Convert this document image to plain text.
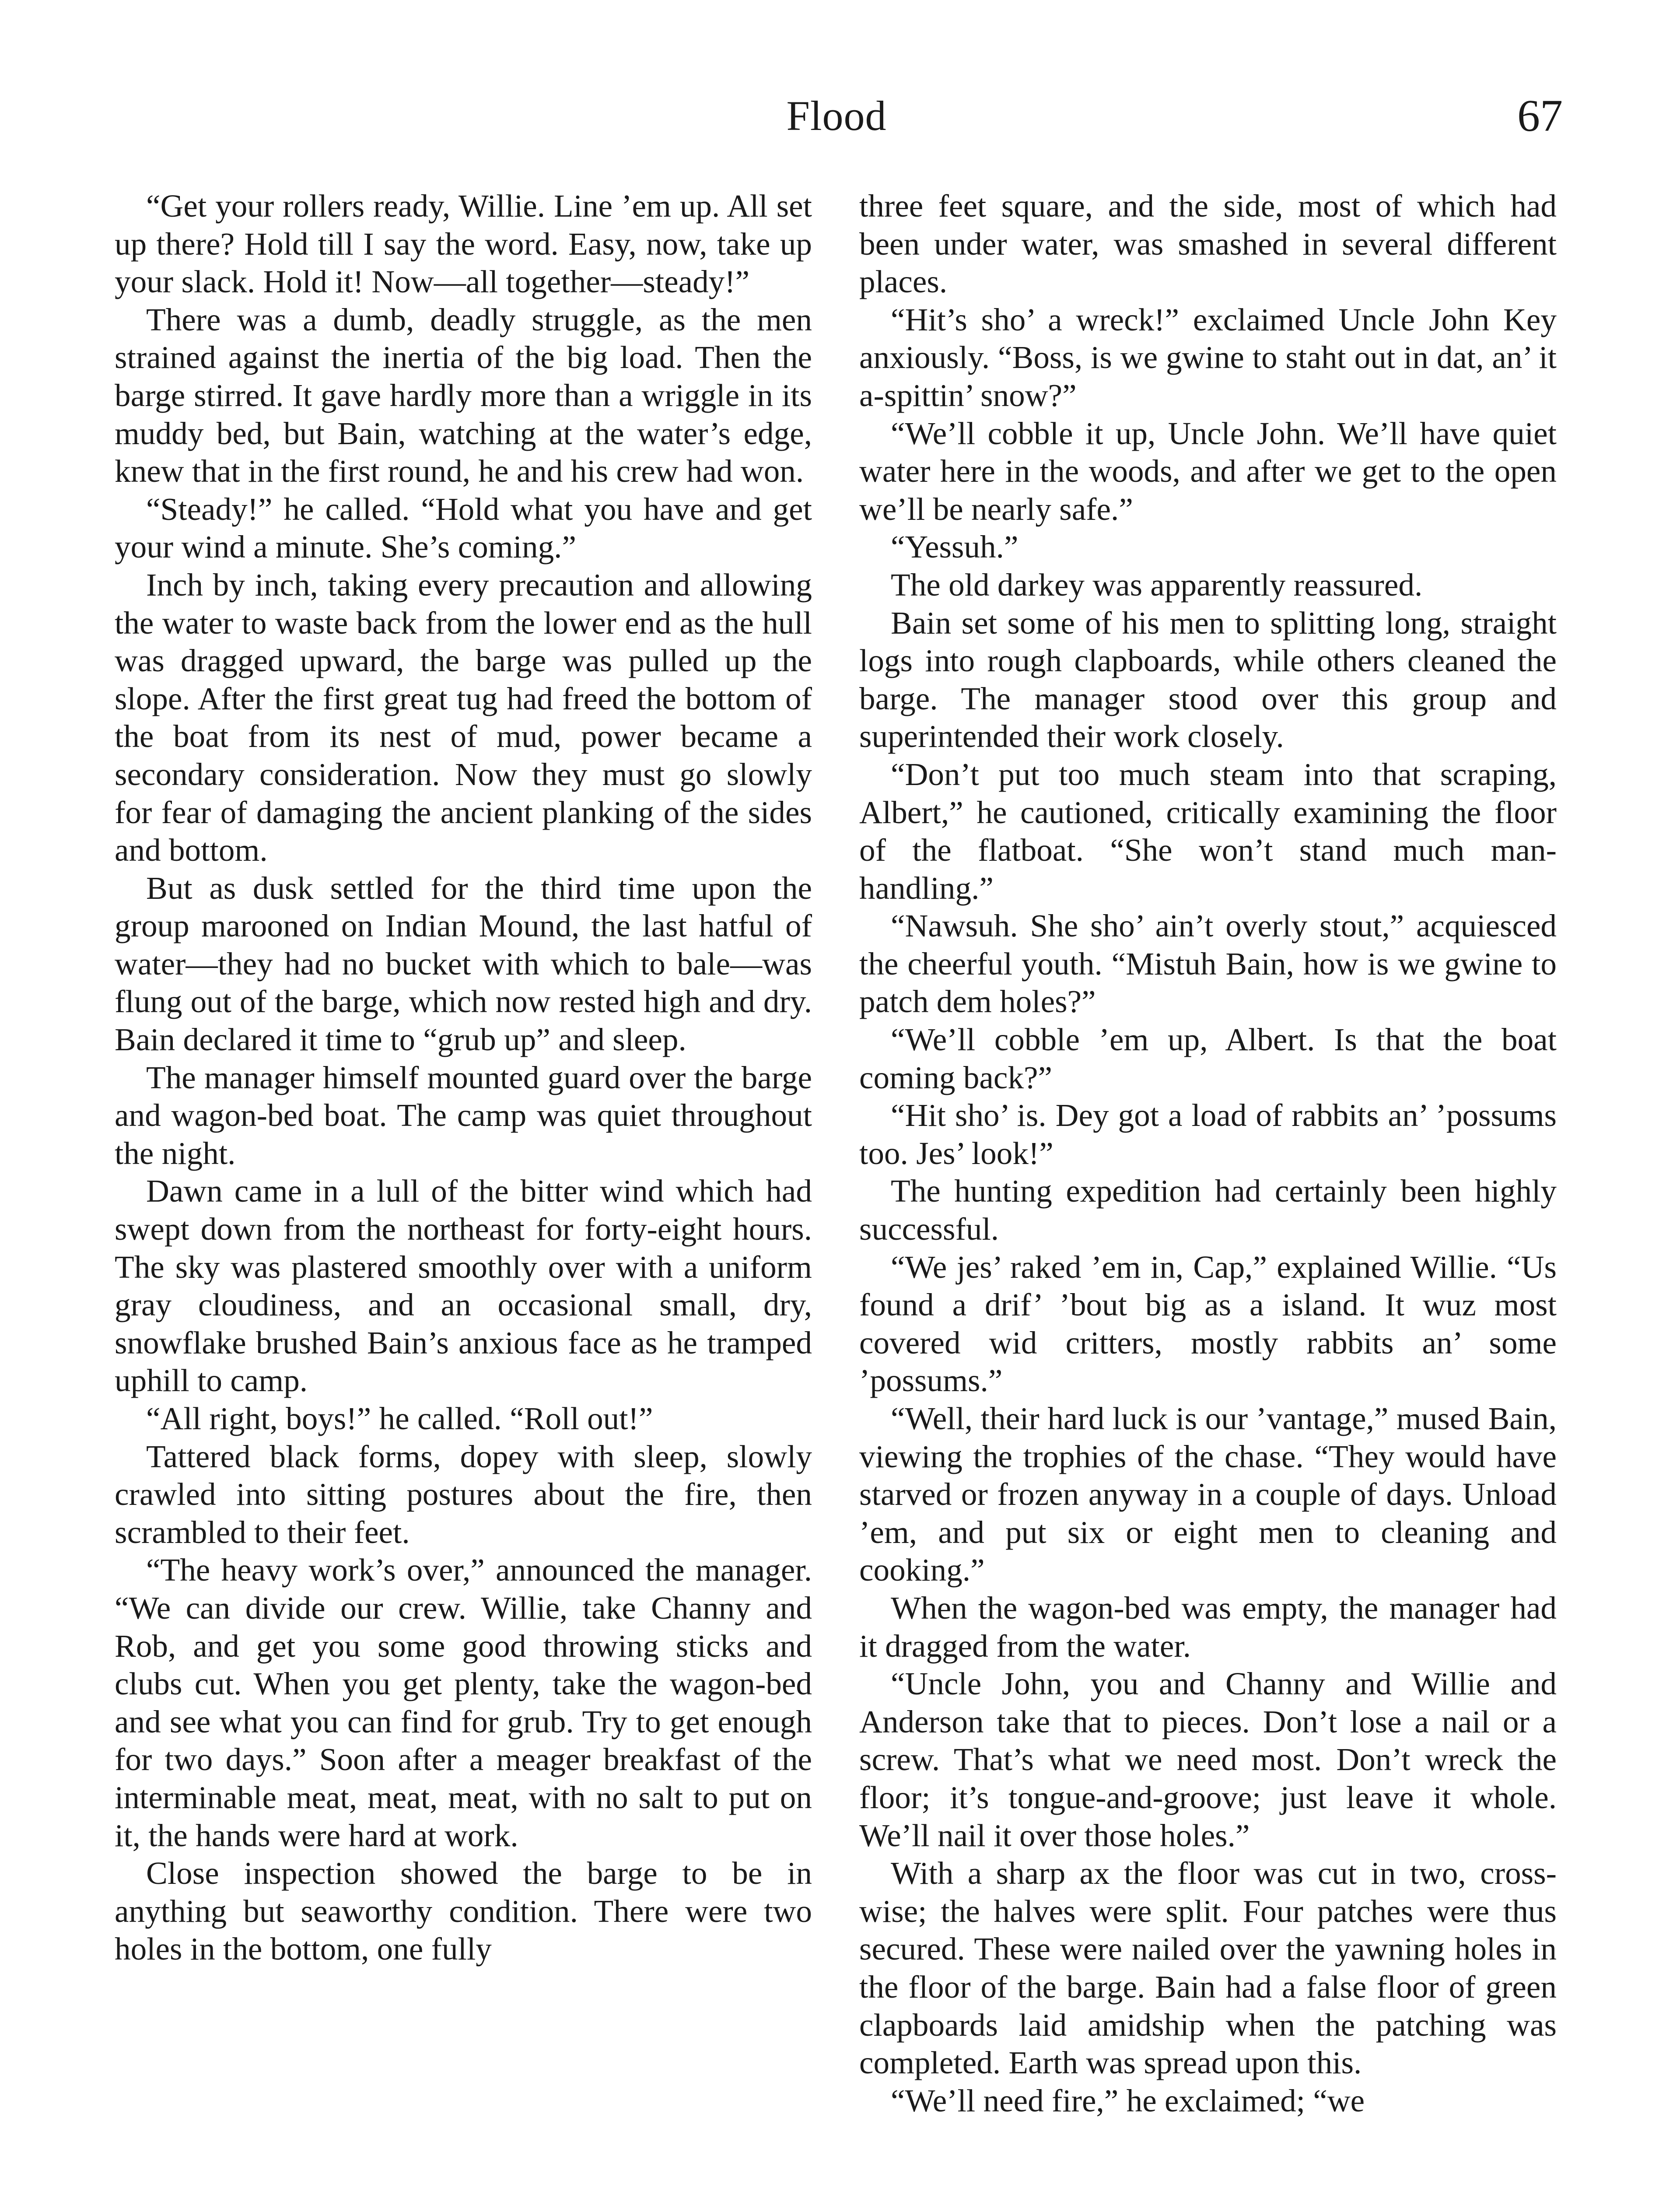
Flood	67

“Get your rollers ready, Willie. Line ’em up. All set up there? Hold till I say the word. Easy, now, take up your slack. Hold it! Now—all together—steady!”

There was a dumb, deadly struggle, as the men strained against the inertia of the big load. Then the barge stirred. It gave hardly more than a wriggle in its muddy bed, but Bain, watching at the water’s edge, knew that in the first round, he and his crew had won.

“Steady!” he called. “Hold what you have and get your wind a minute. She’s coming.”

Inch by inch, taking every precaution and allowing the water to waste back from the lower end as the hull was dragged upward, the barge was pulled up the slope. After the first great tug had freed the bottom of the boat from its nest of mud, power became a secondary consideration. Now they must go slowly for fear of damaging the ancient planking of the sides and bottom.

But as dusk settled for the third time upon the group marooned on Indian Mound, the last hatful of water—they had no bucket with which to bale—was flung out of the barge, which now rested high and dry. Bain declared it time to “grub up” and sleep.

The manager himself mounted guard over the barge and wagon-bed boat. The camp was quiet throughout the night.

Dawn came in a lull of the bitter wind which had swept down from the northeast for forty-eight hours. The sky was plastered smoothly over with a uniform gray cloudiness, and an occasional small, dry, snowflake brushed Bain’s anxious face as he tramped uphill to camp.

“All right, boys!” he called. “Roll out!”

Tattered black forms, dopey with sleep, slowly crawled into sitting postures about the fire, then scrambled to their feet.

“The heavy work’s over,” announced the manager. “We can divide our crew. Willie, take Channy and Rob, and get you some good throwing sticks and clubs cut. When you get plenty, take the wagon-bed and see what you can find for grub. Try to get enough for two days.” Soon after a meager breakfast of the interminable meat, meat, meat, with no salt to put on it, the hands were hard at work.

Close inspection showed the barge to be in anything but seaworthy condition. There were two holes in the bottom, one fully

three feet square, and the side, most of which had been under water, was smashed in several different places.

“Hit’s sho’ a wreck!” exclaimed Uncle John Key anxiously. “Boss, is we gwine to staht out in dat, an’ it a-spittin’ snow?”

“We’ll cobble it up, Uncle John. We’ll have quiet water here in the woods, and after we get to the open we’ll be nearly safe.”

“Yessuh.”

The old darkey was apparently reassured.

Bain set some of his men to splitting long, straight logs into rough clapboards, while others cleaned the barge. The manager stood over this group and superintended their work closely.

“Don’t put too much steam into that scraping, Albert,” he cautioned, critically examining the floor of the flatboat. “She won’t stand much man-handling.”

“Nawsuh. She sho’ ain’t overly stout,” acquiesced the cheerful youth. “Mistuh Bain, how is we gwine to patch dem holes?”

“We’ll cobble ’em up, Albert. Is that the boat coming back?”

“Hit sho’ is. Dey got a load of rabbits an’ ’possums too. Jes’ look!”

The hunting expedition had certainly been highly successful.

“We jes’ raked ’em in, Cap,” explained Willie. “Us found a drif’ ’bout big as a island. It wuz most covered wid critters, mostly rabbits an’ some ’possums.”

“Well, their hard luck is our ’vantage,” mused Bain, viewing the trophies of the chase. “They would have starved or frozen anyway in a couple of days. Unload ’em, and put six or eight men to cleaning and cooking.”

When the wagon-bed was empty, the manager had it dragged from the water.

“Uncle John, you and Channy and Willie and Anderson take that to pieces. Don’t lose a nail or a screw. That’s what we need most. Don’t wreck the floor; it’s tongue-and-groove; just leave it whole. We’ll nail it over those holes.”

With a sharp ax the floor was cut in two, cross-wise; the halves were split. Four patches were thus secured. These were nailed over the yawning holes in the floor of the barge. Bain had a false floor of green clapboards laid amidship when the patching was completed. Earth was spread upon this.

“We’ll need fire,” he exclaimed; “we
